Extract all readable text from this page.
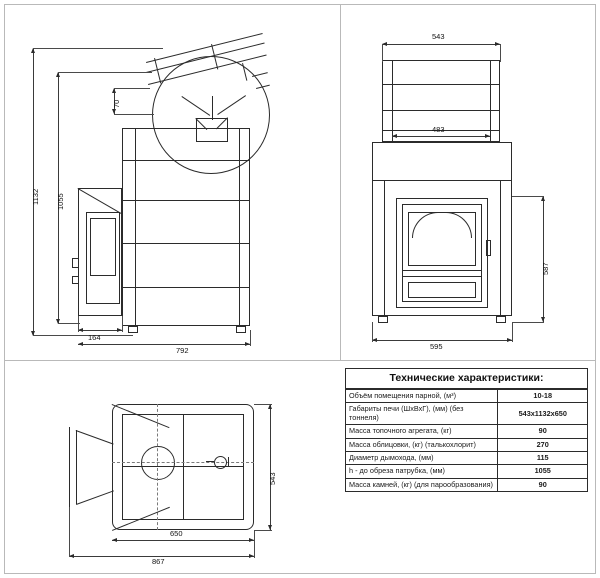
1132 1055
70
164
792
543
483
587
595
650
867
543
Технические характеристики:
Объём помещения парной, (м³)	10-18
Габариты печи (ШхВхГ), (мм) (без тоннеля)	543х1132х650
Масса топочного агрегата, (кг)	90
Масса облицовки, (кг) (талькохлорит)	270
Диаметр дымохода, (мм)	115
h - до обреза патрубка, (мм)	1055
Масса камней, (кг) (для парообразования)	90
